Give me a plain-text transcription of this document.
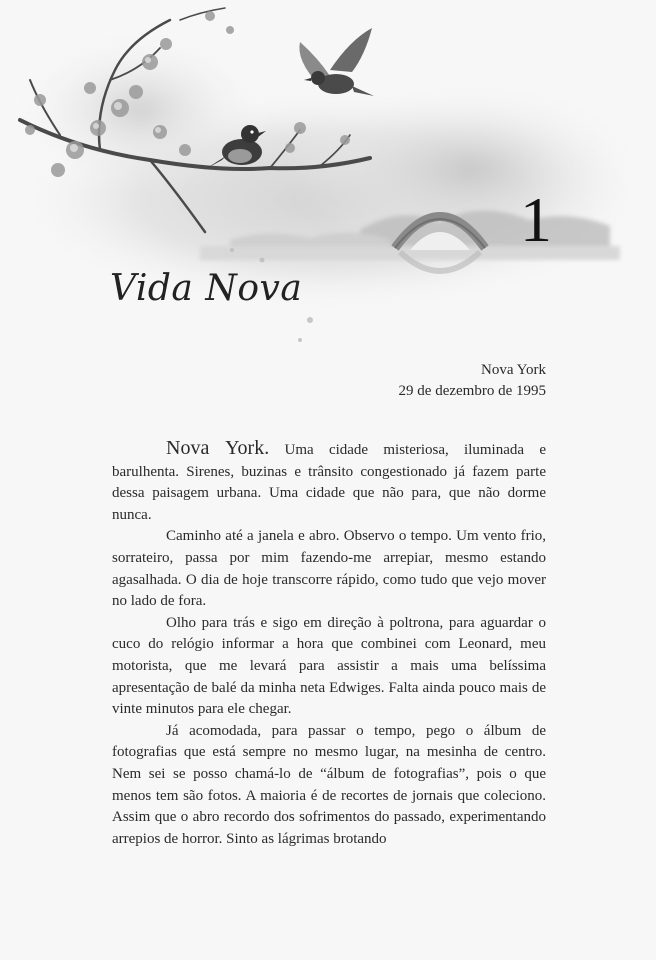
1
Vida Nova
Nova York
29 de dezembro de 1995

Nova York. Uma cidade misteriosa, iluminada e barulhenta. Sirenes, buzinas e trânsito congestionado já fazem parte dessa paisagem urbana. Uma cidade que não para, que não dorme nunca.

Caminho até a janela e abro. Observo o tempo. Um vento frio, sorrateiro, passa por mim fazendo-me arrepiar, mesmo estando agasalhada. O dia de hoje transcorre rápido, como tudo que vejo mover no lado de fora.

Olho para trás e sigo em direção à poltrona, para aguardar o cuco do relógio informar a hora que combinei com Leonard, meu motorista, que me levará para assistir a mais uma belíssima apresentação de balé da minha neta Edwiges. Falta ainda pouco mais de vinte minutos para ele chegar.

Já acomodada, para passar o tempo, pego o álbum de fotografias que está sempre no mesmo lugar, na mesinha de centro. Nem sei se posso chamá-lo de “álbum de fotografias”, pois o que menos tem são fotos. A maioria é de recortes de jornais que coleciono. Assim que o abro recordo dos sofrimentos do passado, experimentando arrepios de horror. Sinto as lágrimas brotando
